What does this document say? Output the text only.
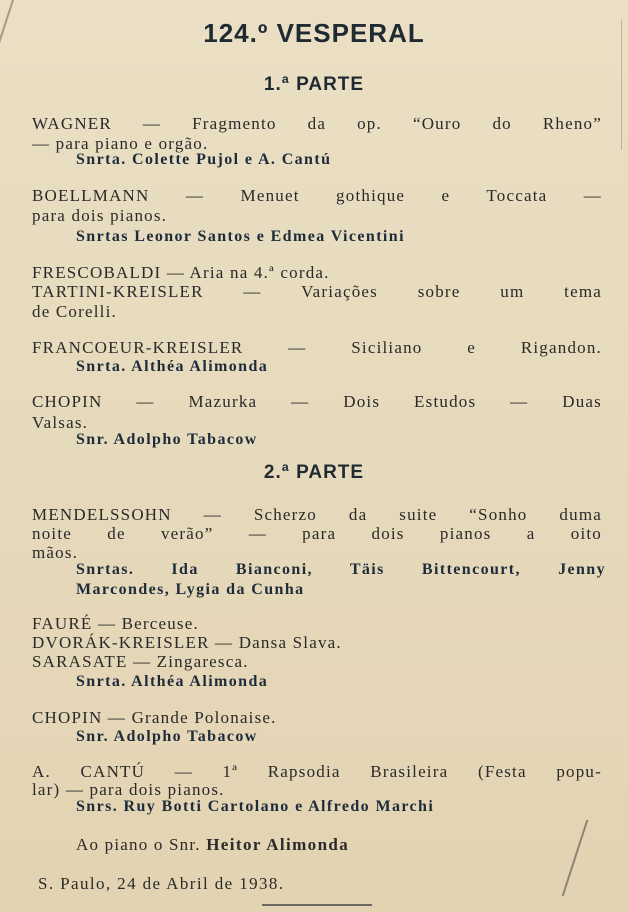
124.º VESPERAL
1.ª PARTE
WAGNER — Fragmento da op. “Ouro do Rheno”
— para piano e orgão.
Snrta. Colette Pujol e A. Cantú
BOELLMANN — Menuet gothique e Toccata —
para dois pianos.
Snrtas Leonor Santos e Edmea Vicentini
FRESCOBALDI — Aria na 4.ª corda.
TARTINI-KREISLER — Variações sobre um tema
de Corelli.
FRANCOEUR-KREISLER — Siciliano e Rigandon.
Snrta. Althéa Alimonda
CHOPIN — Mazurka — Dois Estudos — Duas
Valsas.
Snr. Adolpho Tabacow
2.ª PARTE
MENDELSSOHN — Scherzo da suite “Sonho duma
noite de verão” — para dois pianos a oito
mãos.
Snrtas. Ida Bianconi, Täis Bittencourt, Jenny
Marcondes, Lygia da Cunha
FAURÉ — Berceuse.
DVORÁK-KREISLER — Dansa Slava.
SARASATE — Zingaresca.
Snrta. Althéa Alimonda
CHOPIN — Grande Polonaise.
Snr. Adolpho Tabacow
A. CANTÚ — 1ª Rapsodia Brasileira (Festa popu-
lar) — para dois pianos.
Snrs. Ruy Botti Cartolano e Alfredo Marchi
Ao piano o Snr. Heitor Alimonda
S. Paulo, 24 de Abril de 1938.
